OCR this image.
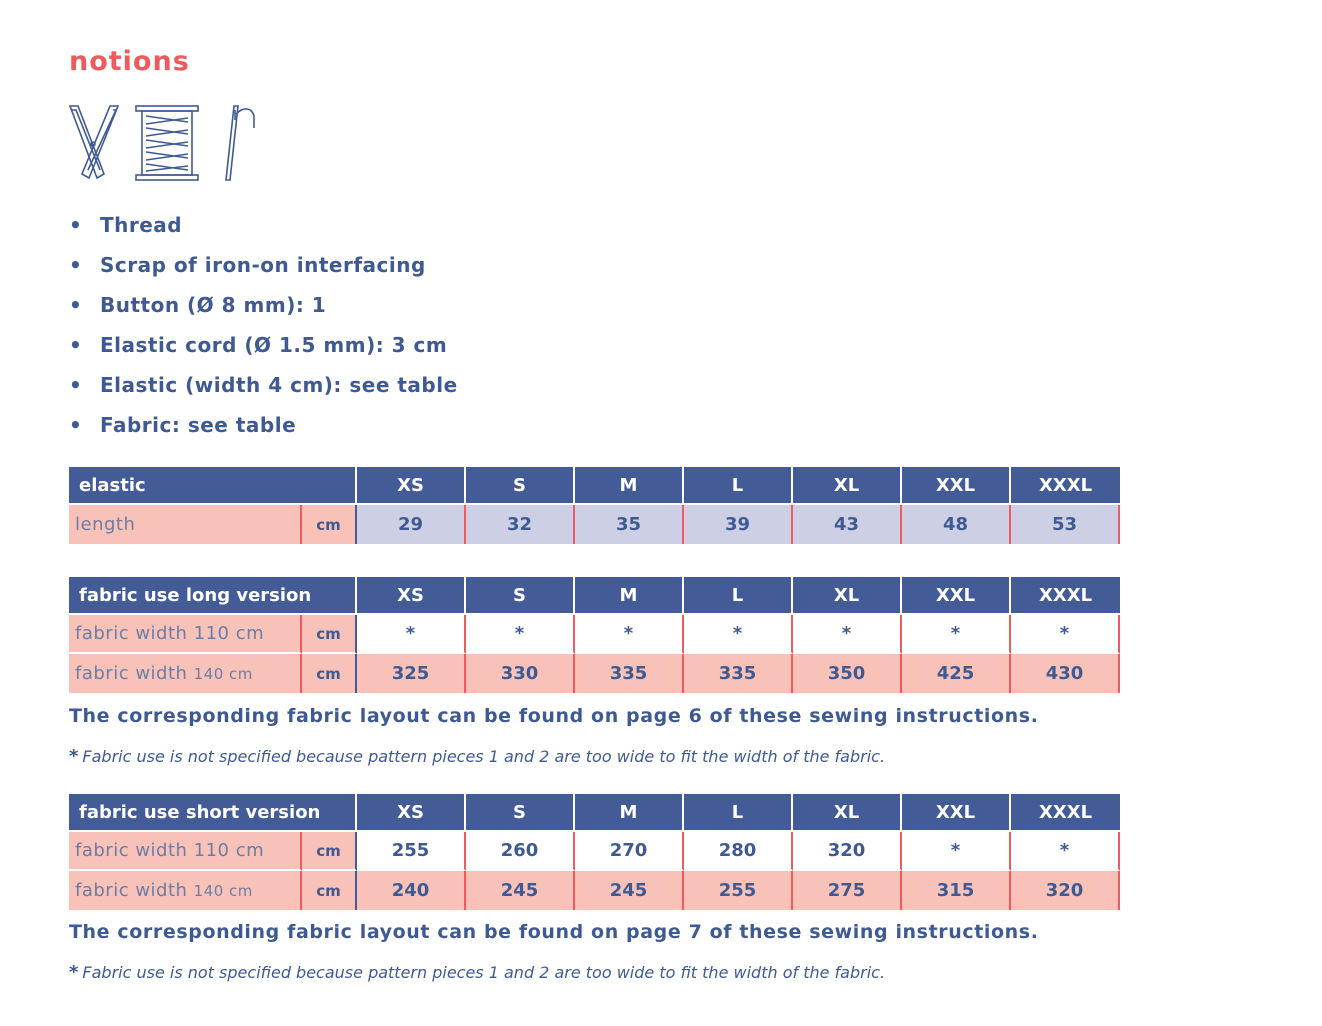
notions
• Thread
• Scrap of iron-on interfacing
• Button (Ø 8 mm): 1
• Elastic cord (Ø 1.5 mm): 3 cm
• Elastic (width 4 cm): see table
• Fabric: see table
elastic		XS	S	M	L	XL	XXL	XXXL
length	cm	29	32	35	39	43	48	53
fabric use long version		XS	S	M	L	XL	XXL	XXXL
fabric width 110 cm	cm	*	*	*	*	*	*	*
fabric width 140 cm	cm	325	330	335	335	350	425	430

The corresponding fabric layout can be found on page 6 of these sewing instructions.

* Fabric use is not specified because pattern pieces 1 and 2 are too wide to fit the width of the fabric.

fabric use short version		XS	S	M	L	XL	XXL	XXXL
fabric width 110 cm	cm	255	260	270	280	320	*	*
fabric width 140 cm	cm	240	245	245	255	275	315	320

The corresponding fabric layout can be found on page 7 of these sewing instructions.

* Fabric use is not specified because pattern pieces 1 and 2 are too wide to fit the width of the fabric.
